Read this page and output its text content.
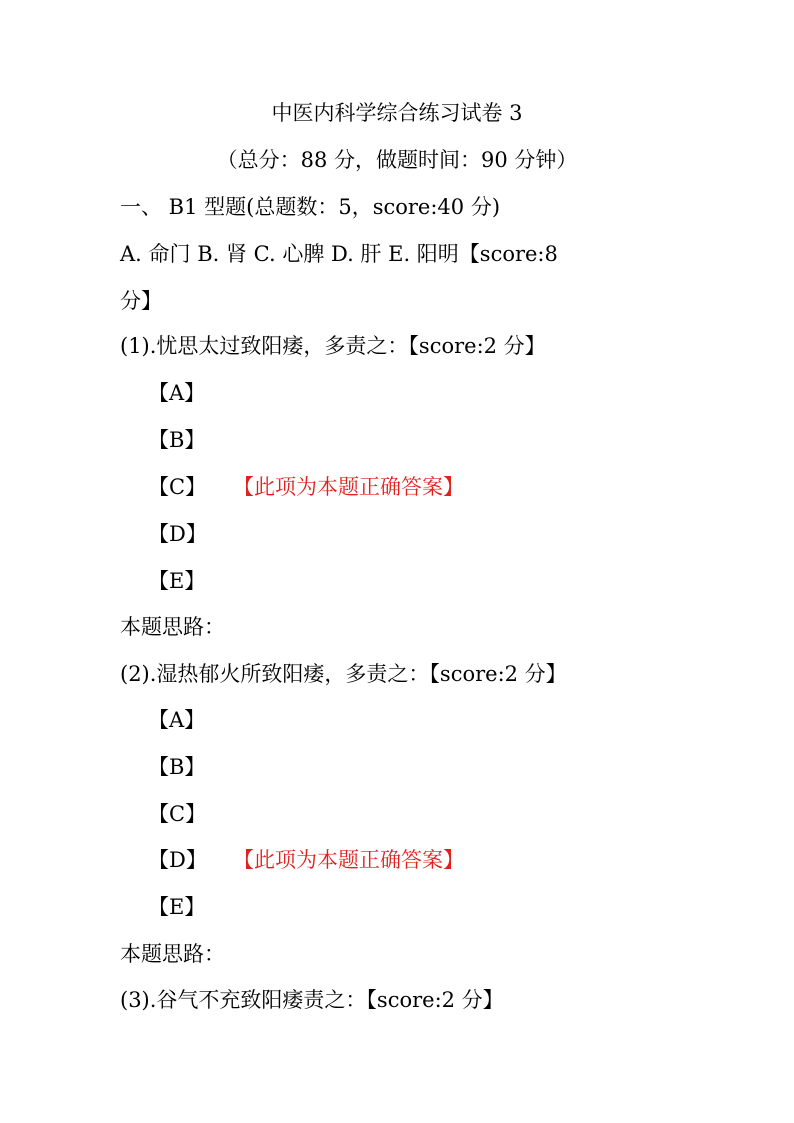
中医内科学综合练习试卷 3
（总分：88 分，做题时间：90 分钟）
一、 B1 型题(总题数：5，score:40 分)
A. 命门 B. 肾 C. 心脾 D. 肝 E. 阳明【score:8
分】
(1).忧思太过致阳痿，多责之：【score:2 分】
【A】
【B】
【C】 【此项为本题正确答案】
【D】
【E】
本题思路：
(2).湿热郁火所致阳痿，多责之：【score:2 分】
【A】
【B】
【C】
【D】 【此项为本题正确答案】
【E】
本题思路：
(3).谷气不充致阳痿责之：【score:2 分】
